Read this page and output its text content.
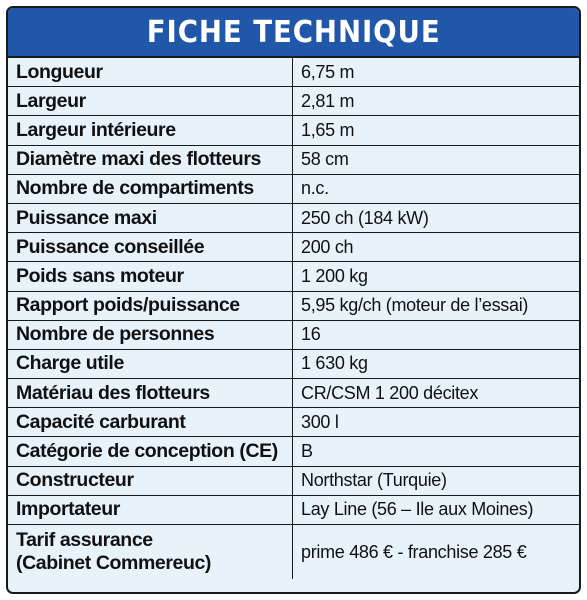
FICHE TECHNIQUE
Longueur	6,75 m
Largeur	2,81 m
Largeur intérieure	1,65 m
Diamètre maxi des flotteurs	58 cm
Nombre de compartiments	n.c.
Puissance maxi	250 ch (184 kW)
Puissance conseillée	200 ch
Poids sans moteur	1 200 kg
Rapport poids/puissance	5,95 kg/ch (moteur de l’essai)
Nombre de personnes	16
Charge utile	1 630 kg
Matériau des flotteurs	CR/CSM 1 200 décitex
Capacité carburant	300 l
Catégorie de conception (CE)	B
Constructeur	Northstar (Turquie)
Importateur	Lay Line (56 – Ile aux Moines)

Tarif assurance
(Cabinet Commereuc)	prime 486 € - franchise 285 €
